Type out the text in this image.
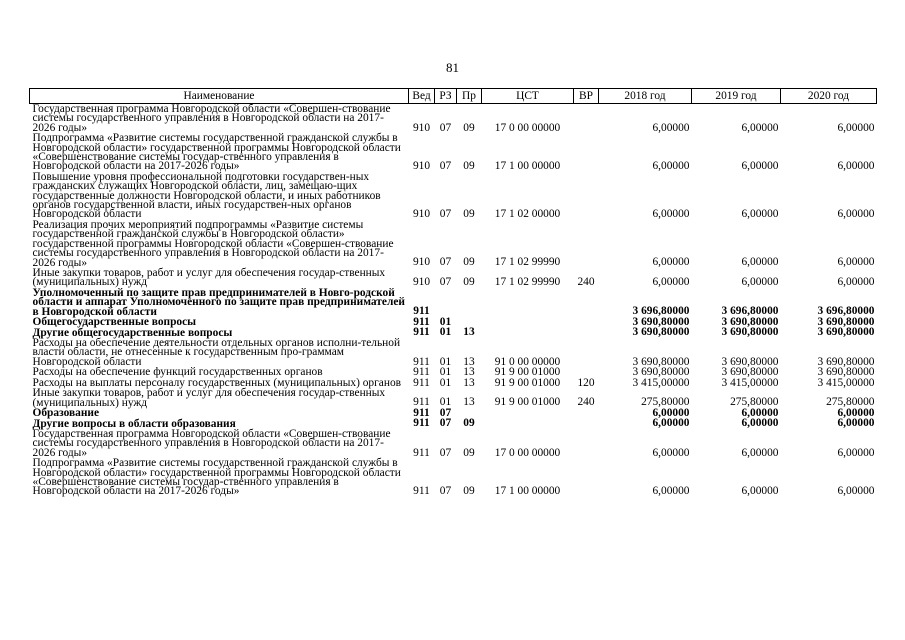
81
Наименование	Вед	РЗ	Пр	ЦСТ	ВР	2018 год	2019 год	2020 год
Государственная программа Новгородской области «Совершен-ствование системы государственного управления в Новгородской области на 2017-2026 годы»	910	07	09	17 0 00 00000		6,00000	6,00000	6,00000
Подпрограмма «Развитие системы государственной гражданской службы в Новгородской области» государственной программы Новгородской области «Совершенствование системы государ-ственного управления в Новгородской области на 2017-2026 годы»	910	07	09	17 1 00 00000		6,00000	6,00000	6,00000
Повышение уровня профессиональной подготовки государствен-ных гражданских служащих Новгородской области, лиц, замещаю-щих государственные должности Новгородской области, и иных работников органов государственной власти, иных государствен-ных органов Новгородской области	910	07	09	17 1 02 00000		6,00000	6,00000	6,00000
Реализация прочих мероприятий подпрограммы «Развитие системы государственной гражданской службы в Новгородской области» государственной программы Новгородской области «Совершен-ствование системы государственного управления в Новгородской области на 2017-2026 годы»	910	07	09	17 1 02 99990		6,00000	6,00000	6,00000
Иные закупки товаров, работ и услуг для обеспечения государ-ственных (муниципальных) нужд	910	07	09	17 1 02 99990	240	6,00000	6,00000	6,00000
Уполномоченный по защите прав предпринимателей в Новго-родской области и аппарат Уполномоченного по защите прав предпринимателей в Новгородской области	911					3 696,80000	3 696,80000	3 696,80000
Общегосударственные вопросы	911	01				3 690,80000	3 690,80000	3 690,80000
Другие общегосударственные вопросы	911	01	13			3 690,80000	3 690,80000	3 690,80000
Расходы на обеспечение деятельности отдельных органов исполни-тельной власти области, не отнесенные к государственным про-граммам Новгородской области	911	01	13	91 0 00 00000		3 690,80000	3 690,80000	3 690,80000
Расходы на обеспечение функций государственных органов	911	01	13	91 9 00 01000		3 690,80000	3 690,80000	3 690,80000
Расходы на выплаты персоналу государственных (муниципальных) органов	911	01	13	91 9 00 01000	120	3 415,00000	3 415,00000	3 415,00000
Иные закупки товаров, работ и услуг для обеспечения государ-ственных (муниципальных) нужд	911	01	13	91 9 00 01000	240	275,80000	275,80000	275,80000
Образование	911	07				6,00000	6,00000	6,00000
Другие вопросы в области образования	911	07	09			6,00000	6,00000	6,00000
Государственная программа Новгородской области «Совершен-ствование системы государственного управления в Новгородской области на 2017-2026 годы»	911	07	09	17 0 00 00000		6,00000	6,00000	6,00000
Подпрограмма «Развитие системы государственной гражданской службы в Новгородской области» государственной программы Новгородской области «Совершенствование системы государ-ственного управления в Новгородской области на 2017-2026 годы»	911	07	09	17 1 00 00000		6,00000	6,00000	6,00000
